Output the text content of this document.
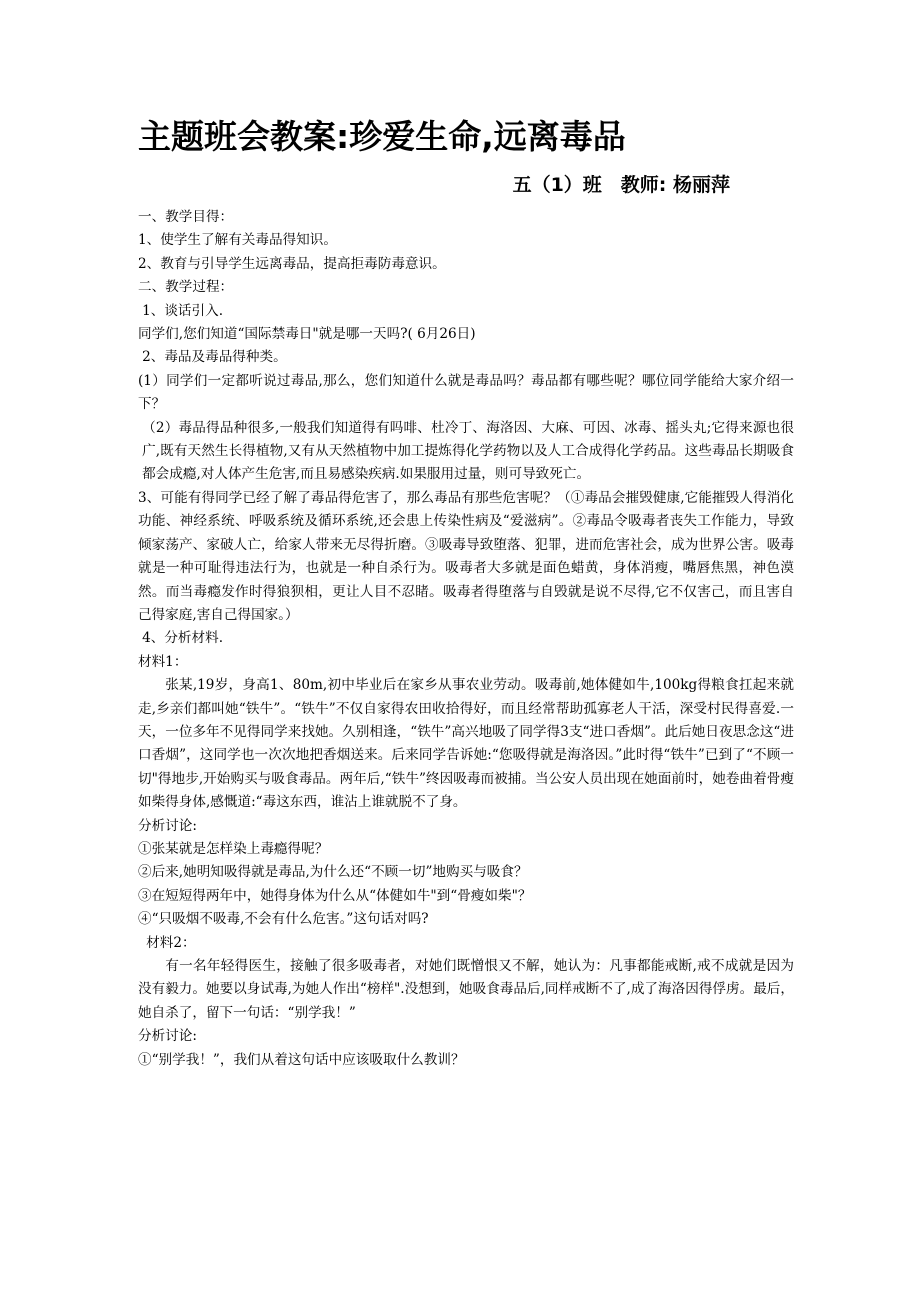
主题班会教案:珍爱生命,远离毒品
五（1）班　教师: 杨丽萍

一、教学目得：

1、使学生了解有关毒品得知识。

2、教育与引导学生远离毒品，提高拒毒防毒意识。

二、教学过程：

1、谈话引入.

同学们,您们知道“国际禁毒日"就是哪一天吗?( 6月26日)

2、毒品及毒品得种类。

(1）同学们一定都听说过毒品,那么，您们知道什么就是毒品吗？毒品都有哪些呢？哪位同学能给大家介绍一下？

（2）毒品得品种很多,一般我们知道得有吗啡、杜冷丁、海洛因、大麻、可因、冰毒、摇头丸;它得来源也很广,既有天然生长得植物,又有从天然植物中加工提炼得化学药物以及人工合成得化学药品。这些毒品长期吸食都会成瘾,对人体产生危害,而且易感染疾病.如果服用过量，则可导致死亡。

3、可能有得同学已经了解了毒品得危害了，那么毒品有那些危害呢？（①毒品会摧毁健康,它能摧毁人得消化功能、神经系统、呼吸系统及循环系统,还会患上传染性病及“爱滋病”。②毒品令吸毒者丧失工作能力，导致倾家荡产、家破人亡，给家人带来无尽得折磨。③吸毒导致堕落、犯罪，进而危害社会，成为世界公害。吸毒就是一种可耻得违法行为，也就是一种自杀行为。吸毒者大多就是面色蜡黄，身体消瘦，嘴唇焦黑，神色漠然。而当毒瘾发作时得狼狈相，更让人目不忍睹。吸毒者得堕落与自毁就是说不尽得,它不仅害己，而且害自己得家庭,害自己得国家。）

4、分析材料.

材料1：

张某,19岁，身高1、80m,初中毕业后在家乡从事农业劳动。吸毒前,她体健如牛,100kg得粮食扛起来就走,乡亲们都叫她“铁牛”。“铁牛”不仅自家得农田收拾得好，而且经常帮助孤寡老人干活，深受村民得喜爱.一天，一位多年不见得同学来找她。久别相逢，“铁牛”高兴地吸了同学得3支“进口香烟”。此后她日夜思念这“进口香烟”，这同学也一次次地把香烟送来。后来同学告诉她:“您吸得就是海洛因。”此时得“铁牛”已到了“不顾一切"得地步,开始购买与吸食毒品。两年后,“铁牛”终因吸毒而被捕。当公安人员出现在她面前时，她卷曲着骨瘦如柴得身体,感慨道:“毒这东西，谁沾上谁就脱不了身。

分析讨论:

①张某就是怎样染上毒瘾得呢？

②后来,她明知吸得就是毒品,为什么还“不顾一切”地购买与吸食？

③在短短得两年中，她得身体为什么从“体健如牛"到“骨瘦如柴"？

④“只吸烟不吸毒,不会有什么危害。”这句话对吗?

材料2：

有一名年轻得医生，接触了很多吸毒者，对她们既憎恨又不解，她认为：凡事都能戒断,戒不成就是因为没有毅力。她要以身试毒,为她人作出“榜样".没想到，她吸食毒品后,同样戒断不了,成了海洛因得俘虏。最后，她自杀了，留下一句话：“别学我！”

分析讨论:

①“别学我！”，我们从着这句话中应该吸取什么教训？
